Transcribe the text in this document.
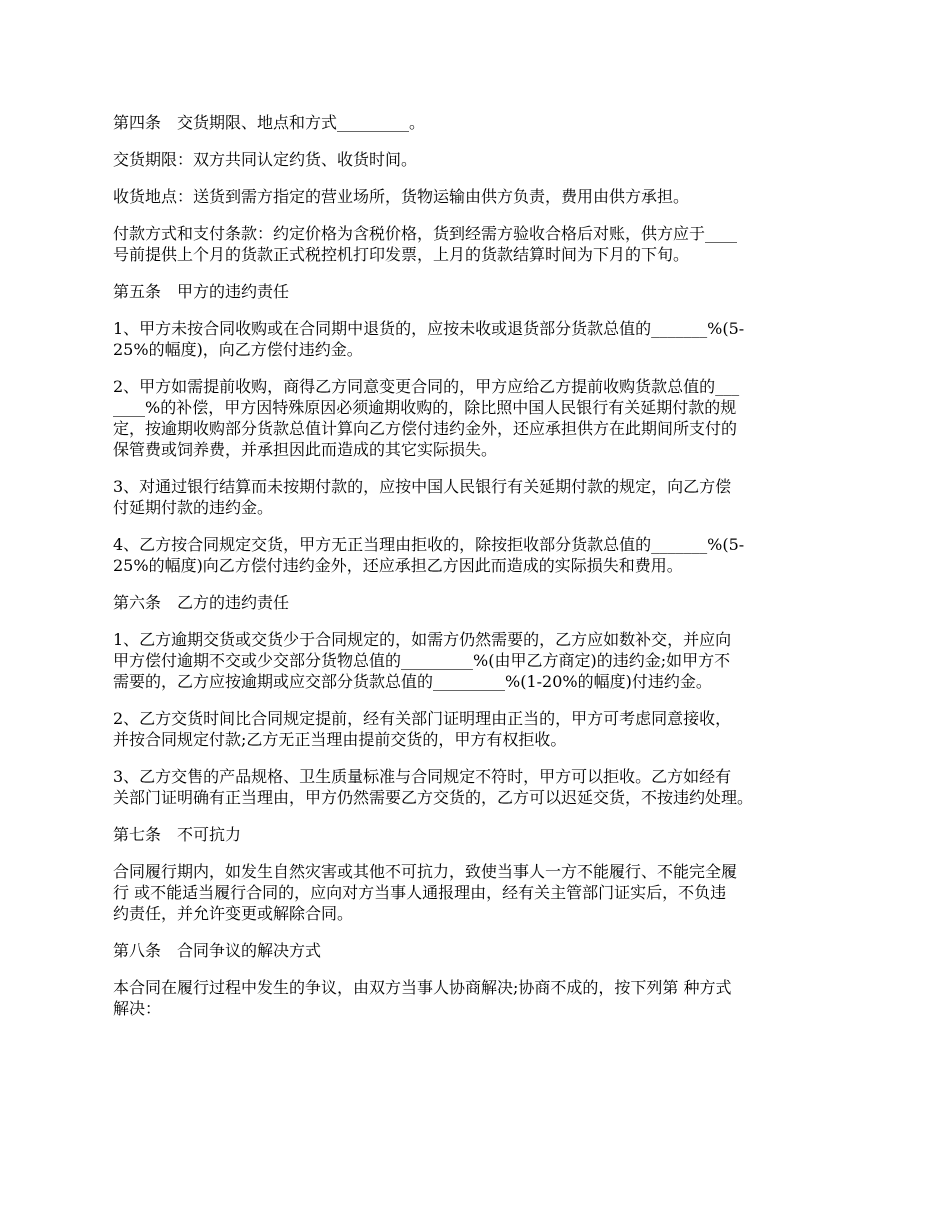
第四条　交货期限、地点和方式_________。
交货期限：双方共同认定约货、收货时间。
收货地点：送货到需方指定的营业场所，货物运输由供方负责，费用由供方承担。
付款方式和支付条款：约定价格为含税价格，货到经需方验收合格后对账，供方应于____
号前提供上个月的货款正式税控机打印发票，上月的货款结算时间为下月的下旬。
第五条　甲方的违约责任
1、甲方未按合同收购或在合同期中退货的，应按未收或退货部分货款总值的_______%(5-
25%的幅度)，向乙方偿付违约金。
2、甲方如需提前收购，商得乙方同意变更合同的，甲方应给乙方提前收购货款总值的___
____%的补偿，甲方因特殊原因必须逾期收购的，除比照中国人民银行有关延期付款的规
定，按逾期收购部分货款总值计算向乙方偿付违约金外，还应承担供方在此期间所支付的
保管费或饲养费，并承担因此而造成的其它实际损失。
3、对通过银行结算而未按期付款的，应按中国人民银行有关延期付款的规定，向乙方偿
付延期付款的违约金。
4、乙方按合同规定交货，甲方无正当理由拒收的，除按拒收部分货款总值的_______%(5-
25%的幅度)向乙方偿付违约金外，还应承担乙方因此而造成的实际损失和费用。
第六条　乙方的违约责任
1、乙方逾期交货或交货少于合同规定的，如需方仍然需要的，乙方应如数补交，并应向
甲方偿付逾期不交或少交部分货物总值的_________%(由甲乙方商定)的违约金;如甲方不
需要的，乙方应按逾期或应交部分货款总值的_________%(1-20%的幅度)付违约金。
2、乙方交货时间比合同规定提前，经有关部门证明理由正当的，甲方可考虑同意接收，
并按合同规定付款;乙方无正当理由提前交货的，甲方有权拒收。
3、乙方交售的产品规格、卫生质量标准与合同规定不符时，甲方可以拒收。乙方如经有
关部门证明确有正当理由，甲方仍然需要乙方交货的，乙方可以迟延交货，不按违约处理。
第七条　不可抗力
合同履行期内，如发生自然灾害或其他不可抗力，致使当事人一方不能履行、不能完全履
行 或不能适当履行合同的，应向对方当事人通报理由，经有关主管部门证实后，不负违
约责任，并允许变更或解除合同。
第八条　合同争议的解决方式
本合同在履行过程中发生的争议，由双方当事人协商解决;协商不成的，按下列第 种方式
解决：
